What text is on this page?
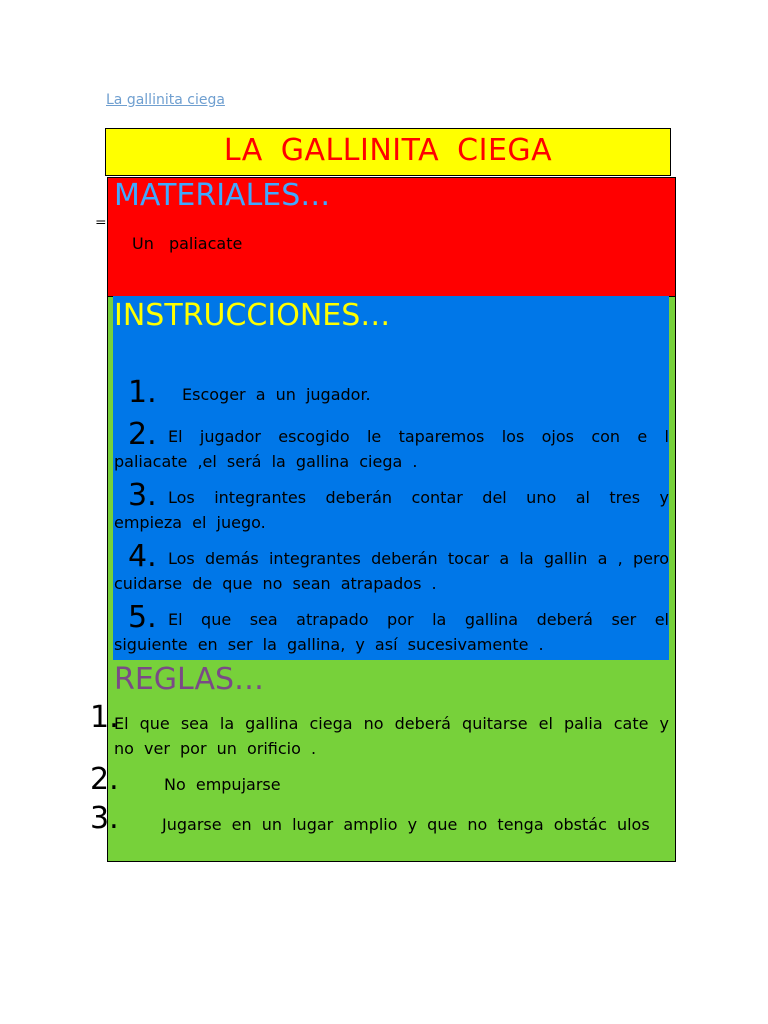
La gallinita ciega
LA GALLINITA CIEGA
MATERIALES…
⁼
Un paliacate
INSTRUCCIONES…
1. Escoger a un jugador.
2. El jugador escogido le taparemos los ojos con e l paliacate ,el será la gallina ciega .
3. Los integrantes deberán contar del uno al tres y empieza el juego.
4. Los demás integrantes deberán tocar a la gallin a , pero cuidarse de que no sean atrapados .
5. El que sea atrapado por la gallina deberá ser el siguiente en ser la gallina, y así sucesivamente .
REGLAS…
1.
El que sea la gallina ciega no deberá quitarse el palia cate y no ver por un orificio .
2.	No empujarse
3.	Jugarse en un lugar amplio y que no tenga obstác ulos
